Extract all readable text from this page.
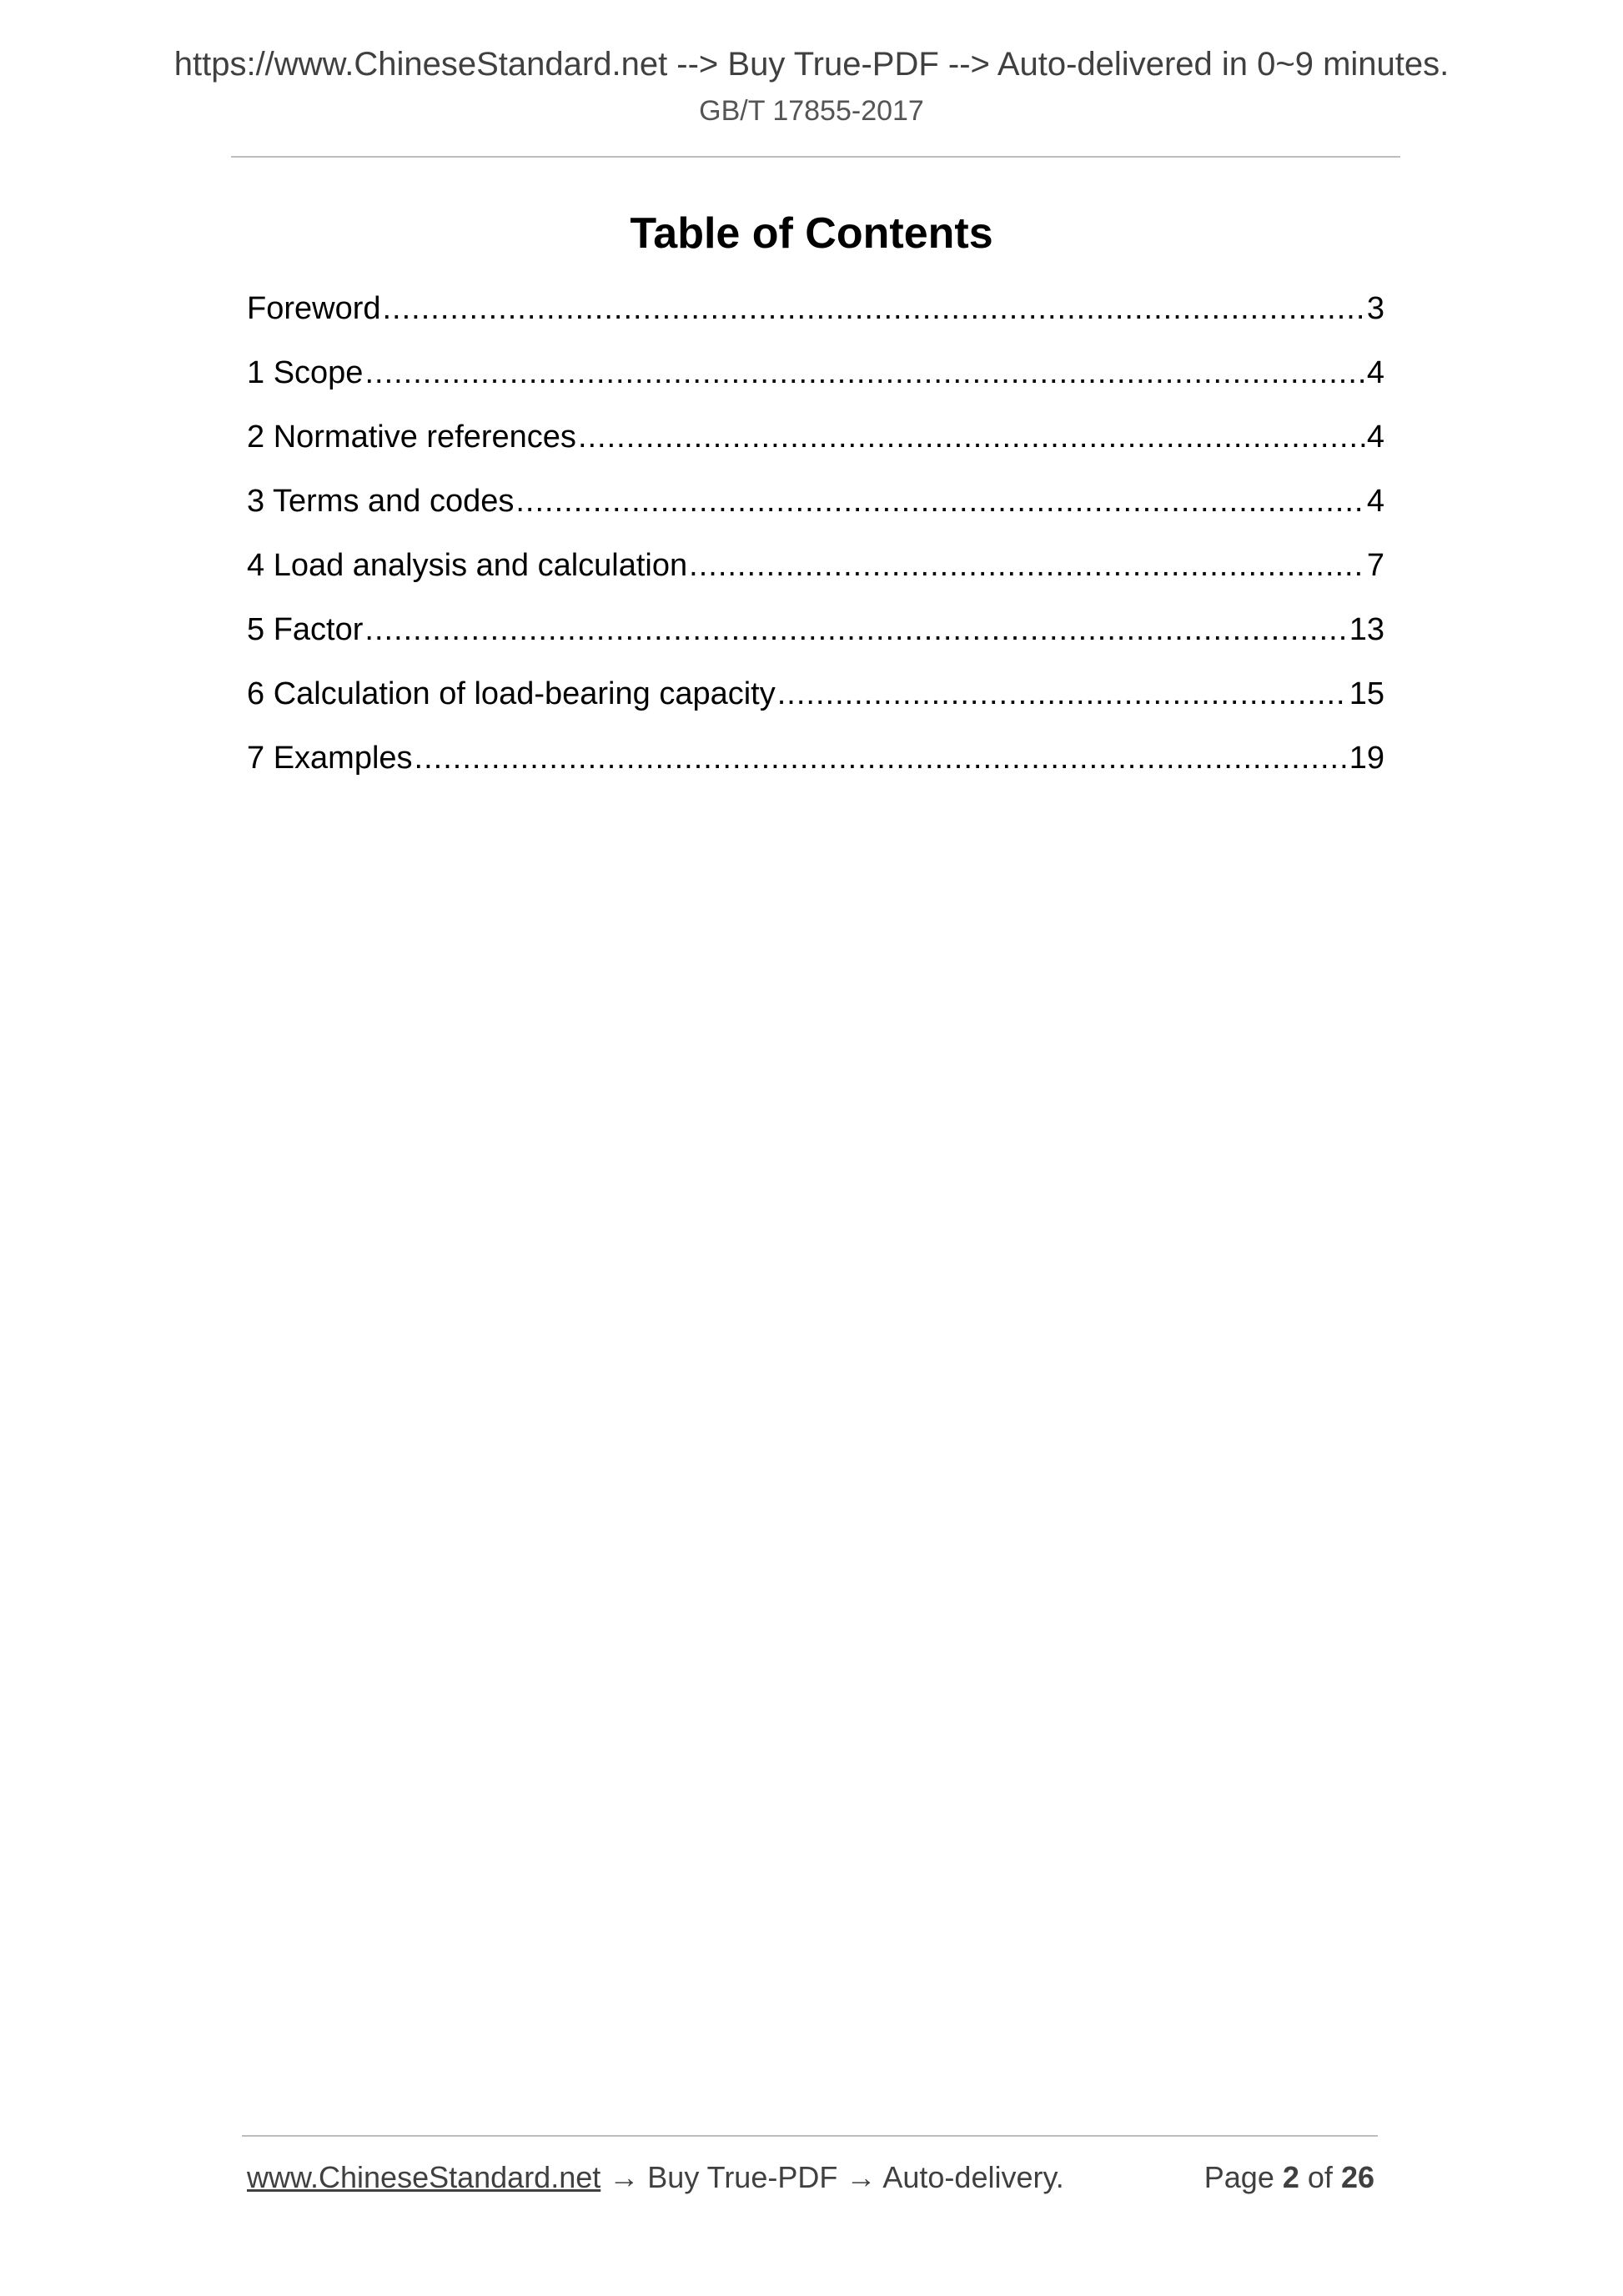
https://www.ChineseStandard.net --> Buy True-PDF --> Auto-delivered in 0~9 minutes.
GB/T 17855-2017
Table of Contents
Foreword .....	3
1 Scope .....	4
2 Normative references .....	4
3 Terms and codes .....	4
4 Load analysis and calculation .....	7
5 Factor .....	13
6 Calculation of load-bearing capacity .....	15
7 Examples .....	19
www.ChineseStandard.net → Buy True-PDF → Auto-delivery.	Page 2 of 26
